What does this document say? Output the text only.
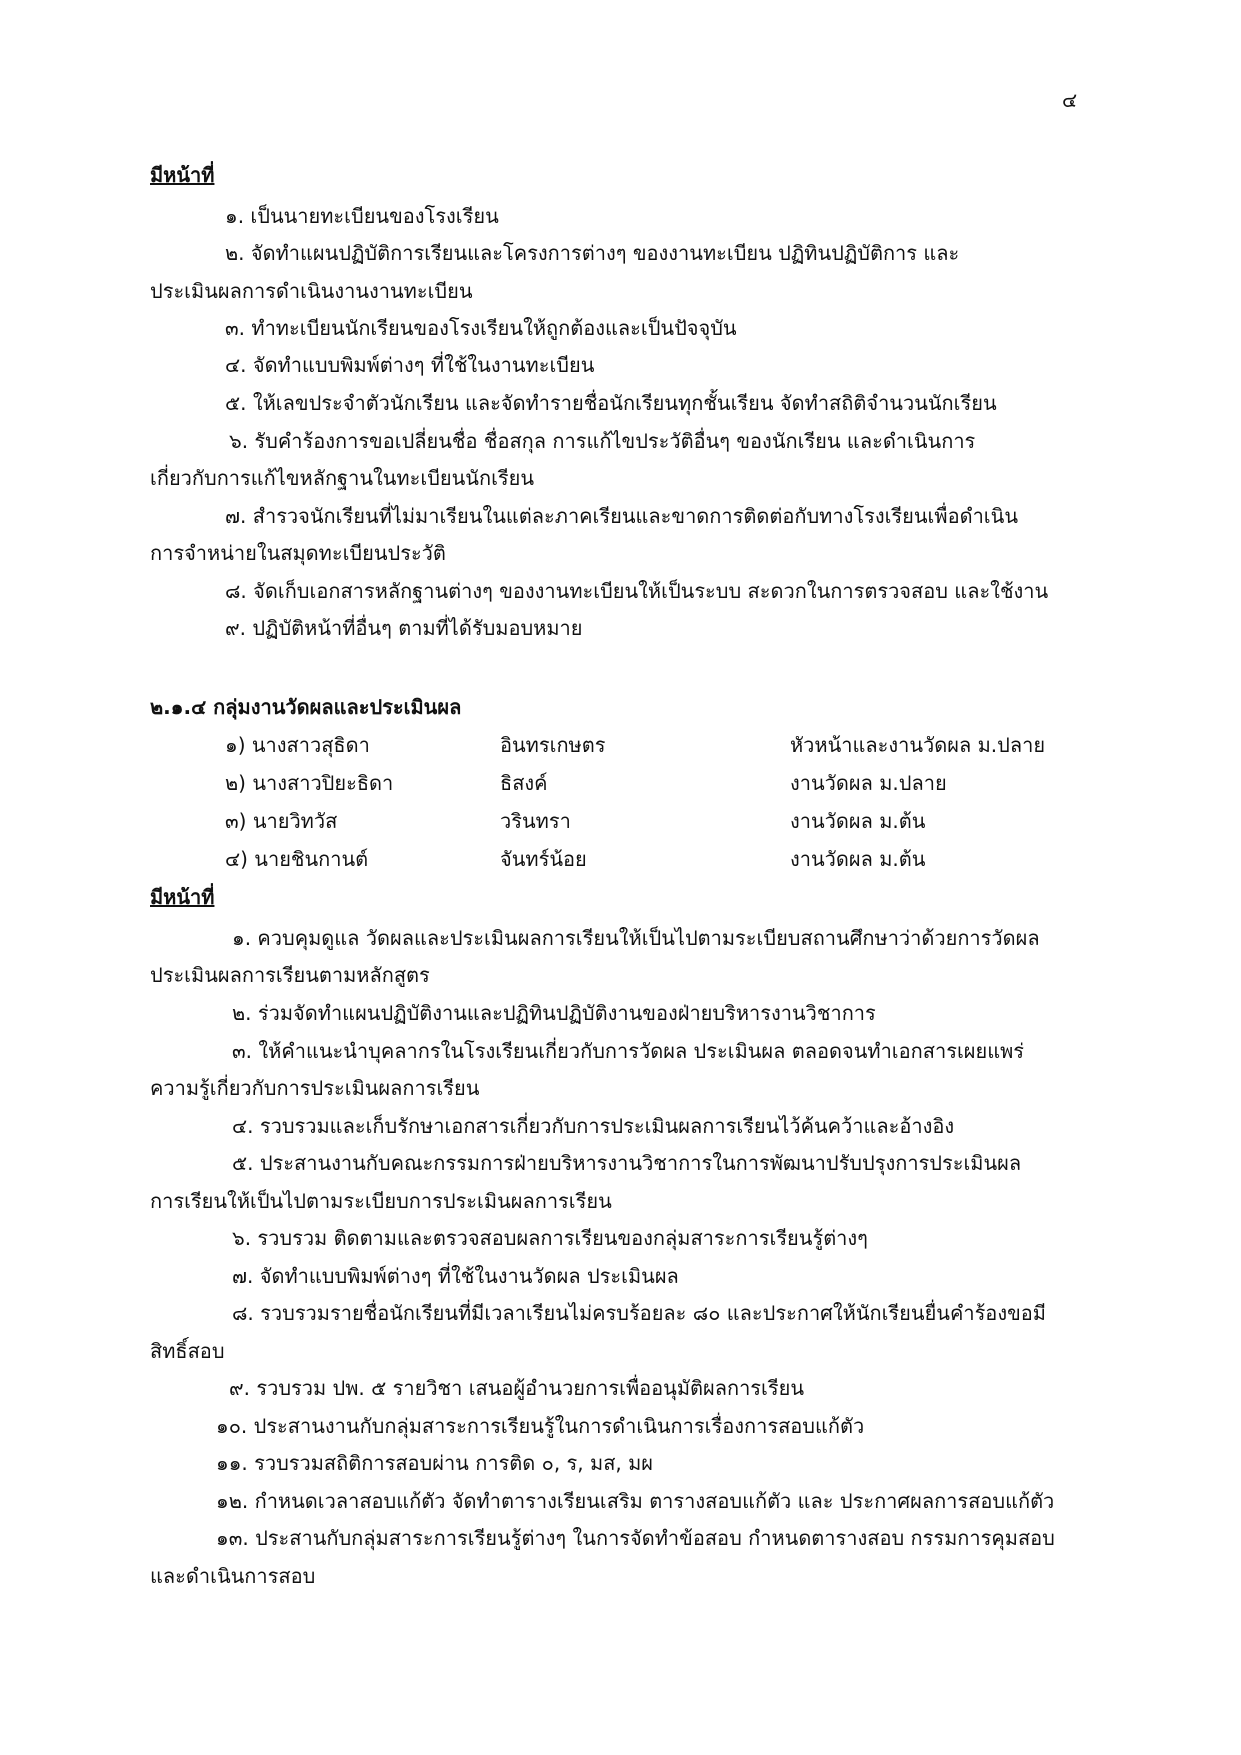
๔
มีหน้าที่
๑. เป็นนายทะเบียนของโรงเรียน
๒. จัดทำแผนปฏิบัติการเรียนและโครงการต่างๆ ของงานทะเบียน ปฏิทินปฏิบัติการ และ
ประเมินผลการดำเนินงานงานทะเบียน
๓. ทำทะเบียนนักเรียนของโรงเรียนให้ถูกต้องและเป็นปัจจุบัน
๔. จัดทำแบบพิมพ์ต่างๆ ที่ใช้ในงานทะเบียน
๕. ให้เลขประจำตัวนักเรียน และจัดทำรายชื่อนักเรียนทุกชั้นเรียน จัดทำสถิติจำนวนนักเรียน
๖. รับคำร้องการขอเปลี่ยนชื่อ ชื่อสกุล การแก้ไขประวัติอื่นๆ ของนักเรียน และดำเนินการ
เกี่ยวกับการแก้ไขหลักฐานในทะเบียนนักเรียน
๗. สำรวจนักเรียนที่ไม่มาเรียนในแต่ละภาคเรียนและขาดการติดต่อกับทางโรงเรียนเพื่อดำเนิน
การจำหน่ายในสมุดทะเบียนประวัติ
๘. จัดเก็บเอกสารหลักฐานต่างๆ ของงานทะเบียนให้เป็นระบบ สะดวกในการตรวจสอบ และใช้งาน
๙. ปฏิบัติหน้าที่อื่นๆ ตามที่ได้รับมอบหมาย
๒.๑.๔ กลุ่มงานวัดผลและประเมินผล
๑) นางสาวสุธิดา	อินทรเกษตร	หัวหน้าและงานวัดผล ม.ปลาย
๒) นางสาวปิยะธิดา	ธิสงค์	งานวัดผล ม.ปลาย
๓) นายวิทวัส	วรินทรา	งานวัดผล ม.ต้น
๔) นายชินกานต์	จันทร์น้อย	งานวัดผล ม.ต้น
มีหน้าที่
๑. ควบคุมดูแล วัดผลและประเมินผลการเรียนให้เป็นไปตามระเบียบสถานศึกษาว่าด้วยการวัดผล
ประเมินผลการเรียนตามหลักสูตร
๒. ร่วมจัดทำแผนปฏิบัติงานและปฏิทินปฏิบัติงานของฝ่ายบริหารงานวิชาการ
๓. ให้คำแนะนำบุคลากรในโรงเรียนเกี่ยวกับการวัดผล ประเมินผล ตลอดจนทำเอกสารเผยแพร่
ความรู้เกี่ยวกับการประเมินผลการเรียน
๔. รวบรวมและเก็บรักษาเอกสารเกี่ยวกับการประเมินผลการเรียนไว้ค้นคว้าและอ้างอิง
๕. ประสานงานกับคณะกรรมการฝ่ายบริหารงานวิชาการในการพัฒนาปรับปรุงการประเมินผล
การเรียนให้เป็นไปตามระเบียบการประเมินผลการเรียน
๖. รวบรวม ติดตามและตรวจสอบผลการเรียนของกลุ่มสาระการเรียนรู้ต่างๆ
๗. จัดทำแบบพิมพ์ต่างๆ ที่ใช้ในงานวัดผล ประเมินผล
๘. รวบรวมรายชื่อนักเรียนที่มีเวลาเรียนไม่ครบร้อยละ ๘๐ และประกาศให้นักเรียนยื่นคำร้องขอมี
สิทธิ์สอบ
๙. รวบรวม ปพ. ๕ รายวิชา เสนอผู้อำนวยการเพื่ออนุมัติผลการเรียน
๑๐. ประสานงานกับกลุ่มสาระการเรียนรู้ในการดำเนินการเรื่องการสอบแก้ตัว
๑๑. รวบรวมสถิติการสอบผ่าน การติด ๐, ร, มส, มผ
๑๒. กำหนดเวลาสอบแก้ตัว จัดทำตารางเรียนเสริม ตารางสอบแก้ตัว และ ประกาศผลการสอบแก้ตัว
๑๓. ประสานกับกลุ่มสาระการเรียนรู้ต่างๆ ในการจัดทำข้อสอบ กำหนดตารางสอบ กรรมการคุมสอบ
และดำเนินการสอบ
